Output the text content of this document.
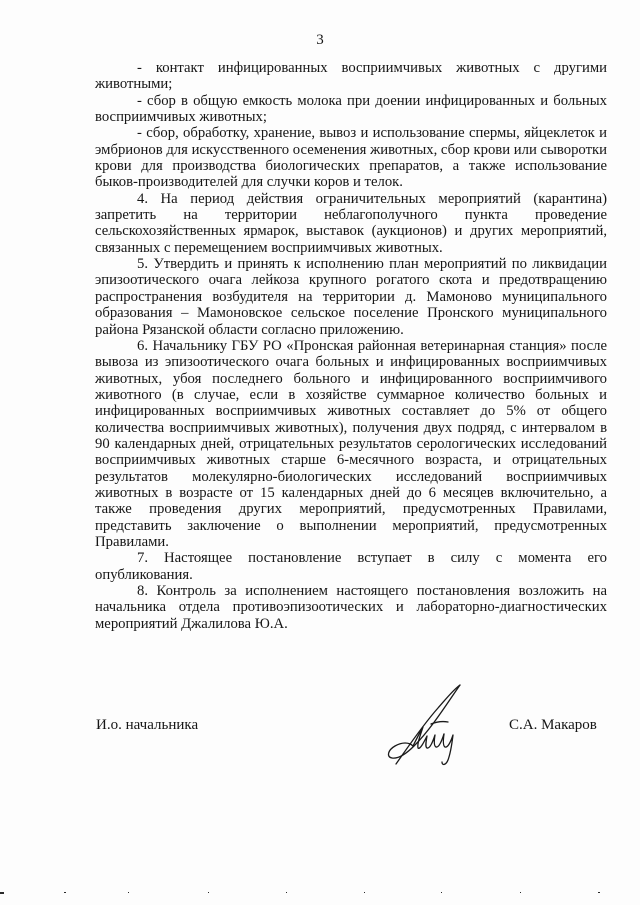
3

- контакт инфицированных восприимчивых животных с другими животными;

- сбор в общую емкость молока при доении инфицированных и больных восприимчивых животных;

- сбор, обработку, хранение, вывоз и использование спермы, яйцеклеток и эмбрионов для искусственного осеменения животных, сбор крови или сыворотки крови для производства биологических препаратов, а также использование быков-производителей для случки коров и телок.

4. На период действия ограничительных мероприятий (карантина) запретить на территории неблагополучного пункта проведение сельскохозяйственных ярмарок, выставок (аукционов) и других мероприятий, связанных с перемещением восприимчивых животных.

5. Утвердить и принять к исполнению план мероприятий по ликвидации эпизоотического очага лейкоза крупного рогатого скота и предотвращению распространения возбудителя на территории д. Мамоново муниципального образования – Мамоновское сельское поселение Пронского муниципального района Рязанской области согласно приложению.

6. Начальнику ГБУ РО «Пронская районная ветеринарная станция» после вывоза из эпизоотического очага больных и инфицированных восприимчивых животных, убоя последнего больного и инфицированного восприимчивого животного (в случае, если в хозяйстве суммарное количество больных и инфицированных восприимчивых животных составляет до 5% от общего количества восприимчивых животных), получения двух подряд, с интервалом в 90 календарных дней, отрицательных результатов серологических исследований восприимчивых животных старше 6-месячного возраста, и отрицательных результатов молекулярно-биологических исследований восприимчивых животных в возрасте от 15 календарных дней до 6 месяцев включительно, а также проведения других мероприятий, предусмотренных Правилами, представить заключение о выполнении мероприятий, предусмотренных Правилами.

7. Настоящее постановление вступает в силу с момента его опубликования.

8. Контроль за исполнением настоящего постановления возложить на начальника отдела противоэпизоотических и лабораторно-диагностических мероприятий Джалилова Ю.А.

И.о. начальника	С.А. Макаров
